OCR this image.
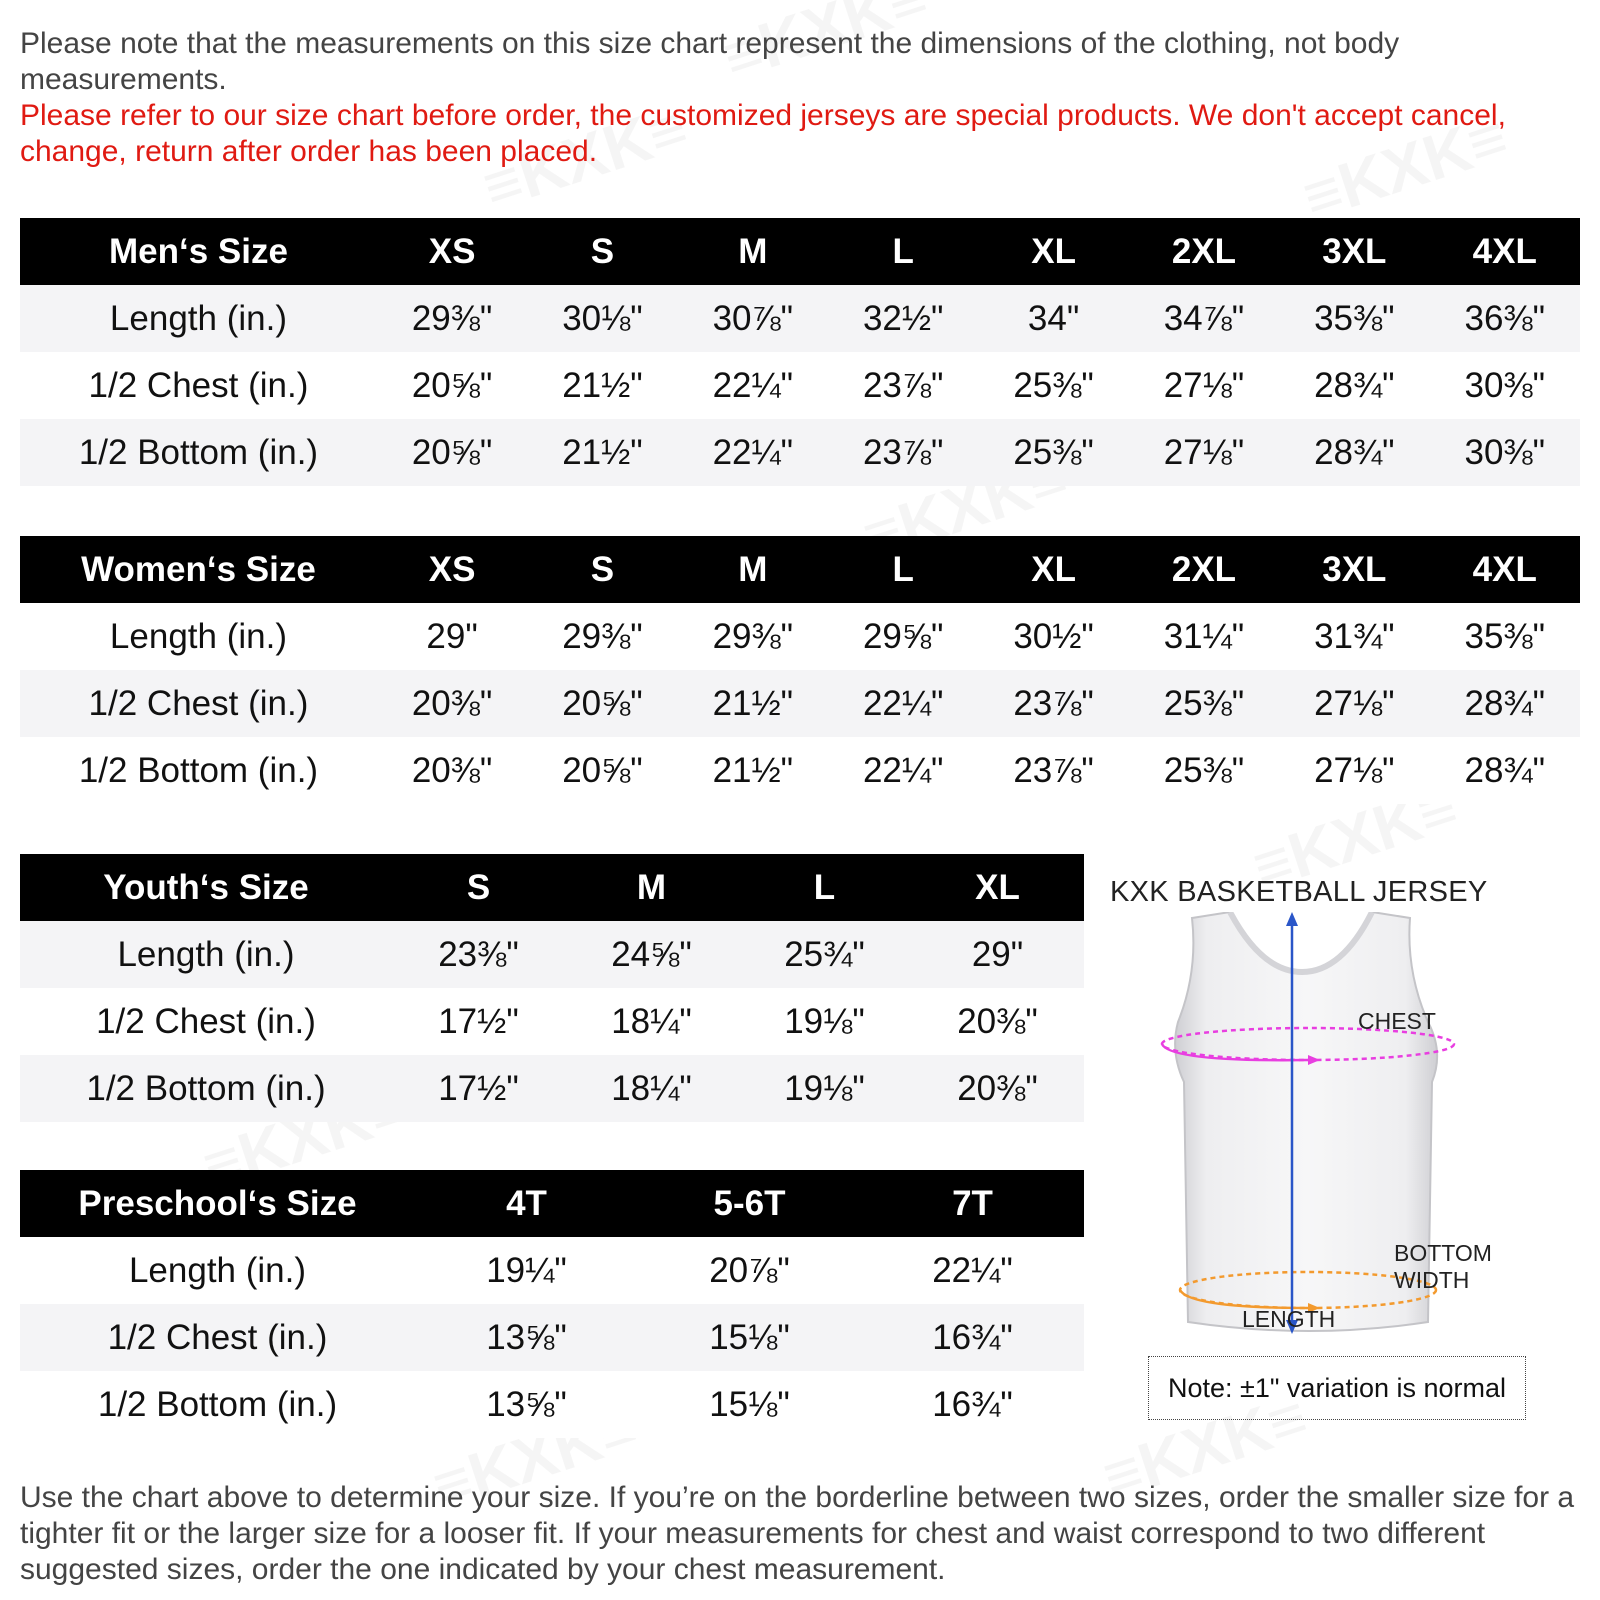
Please note that the measurements on this size chart represent the dimensions of the clothing, not body measurements.
Please refer to our size chart before order, the customized jerseys are special products. We don't accept cancel, change, return after order has been placed.
Men‘s Size	XS	S	M	L	XL	2XL	3XL	4XL
Length (in.)	29⅜"	30⅛"	30⅞"	32½"	34"	34⅞"	35⅜"	36⅜"
1/2 Chest (in.)	20⅝"	21½"	22¼"	23⅞"	25⅜"	27⅛"	28¾"	30⅜"
1/2 Bottom (in.)	20⅝"	21½"	22¼"	23⅞"	25⅜"	27⅛"	28¾"	30⅜"
Women‘s Size	XS	S	M	L	XL	2XL	3XL	4XL
Length (in.)	29"	29⅜"	29⅜"	29⅝"	30½"	31¼"	31¾"	35⅜"
1/2 Chest (in.)	20⅜"	20⅝"	21½"	22¼"	23⅞"	25⅜"	27⅛"	28¾"
1/2 Bottom (in.)	20⅜"	20⅝"	21½"	22¼"	23⅞"	25⅜"	27⅛"	28¾"
Youth‘s Size	S	M	L	XL
Length (in.)	23⅜"	24⅝"	25¾"	29"
1/2 Chest (in.)	17½"	18¼"	19⅛"	20⅜"
1/2 Bottom (in.)	17½"	18¼"	19⅛"	20⅜"
Preschool‘s Size	4T	5-6T	7T
Length (in.)	19¼"	20⅞"	22¼"
1/2 Chest (in.)	13⅝"	15⅛"	16¾"
1/2 Bottom (in.)	13⅝"	15⅛"	16¾"
KXK BASKETBALL JERSEY
CHEST
BOTTOM
WIDTH
LENGTH
Note: ±1" variation is normal
Use the chart above to determine your size. If you’re on the borderline between two sizes, order the smaller size for a tighter fit or the larger size for a looser fit. If your measurements for chest and waist correspond to two different suggested sizes, order the one indicated by your chest measurement.
